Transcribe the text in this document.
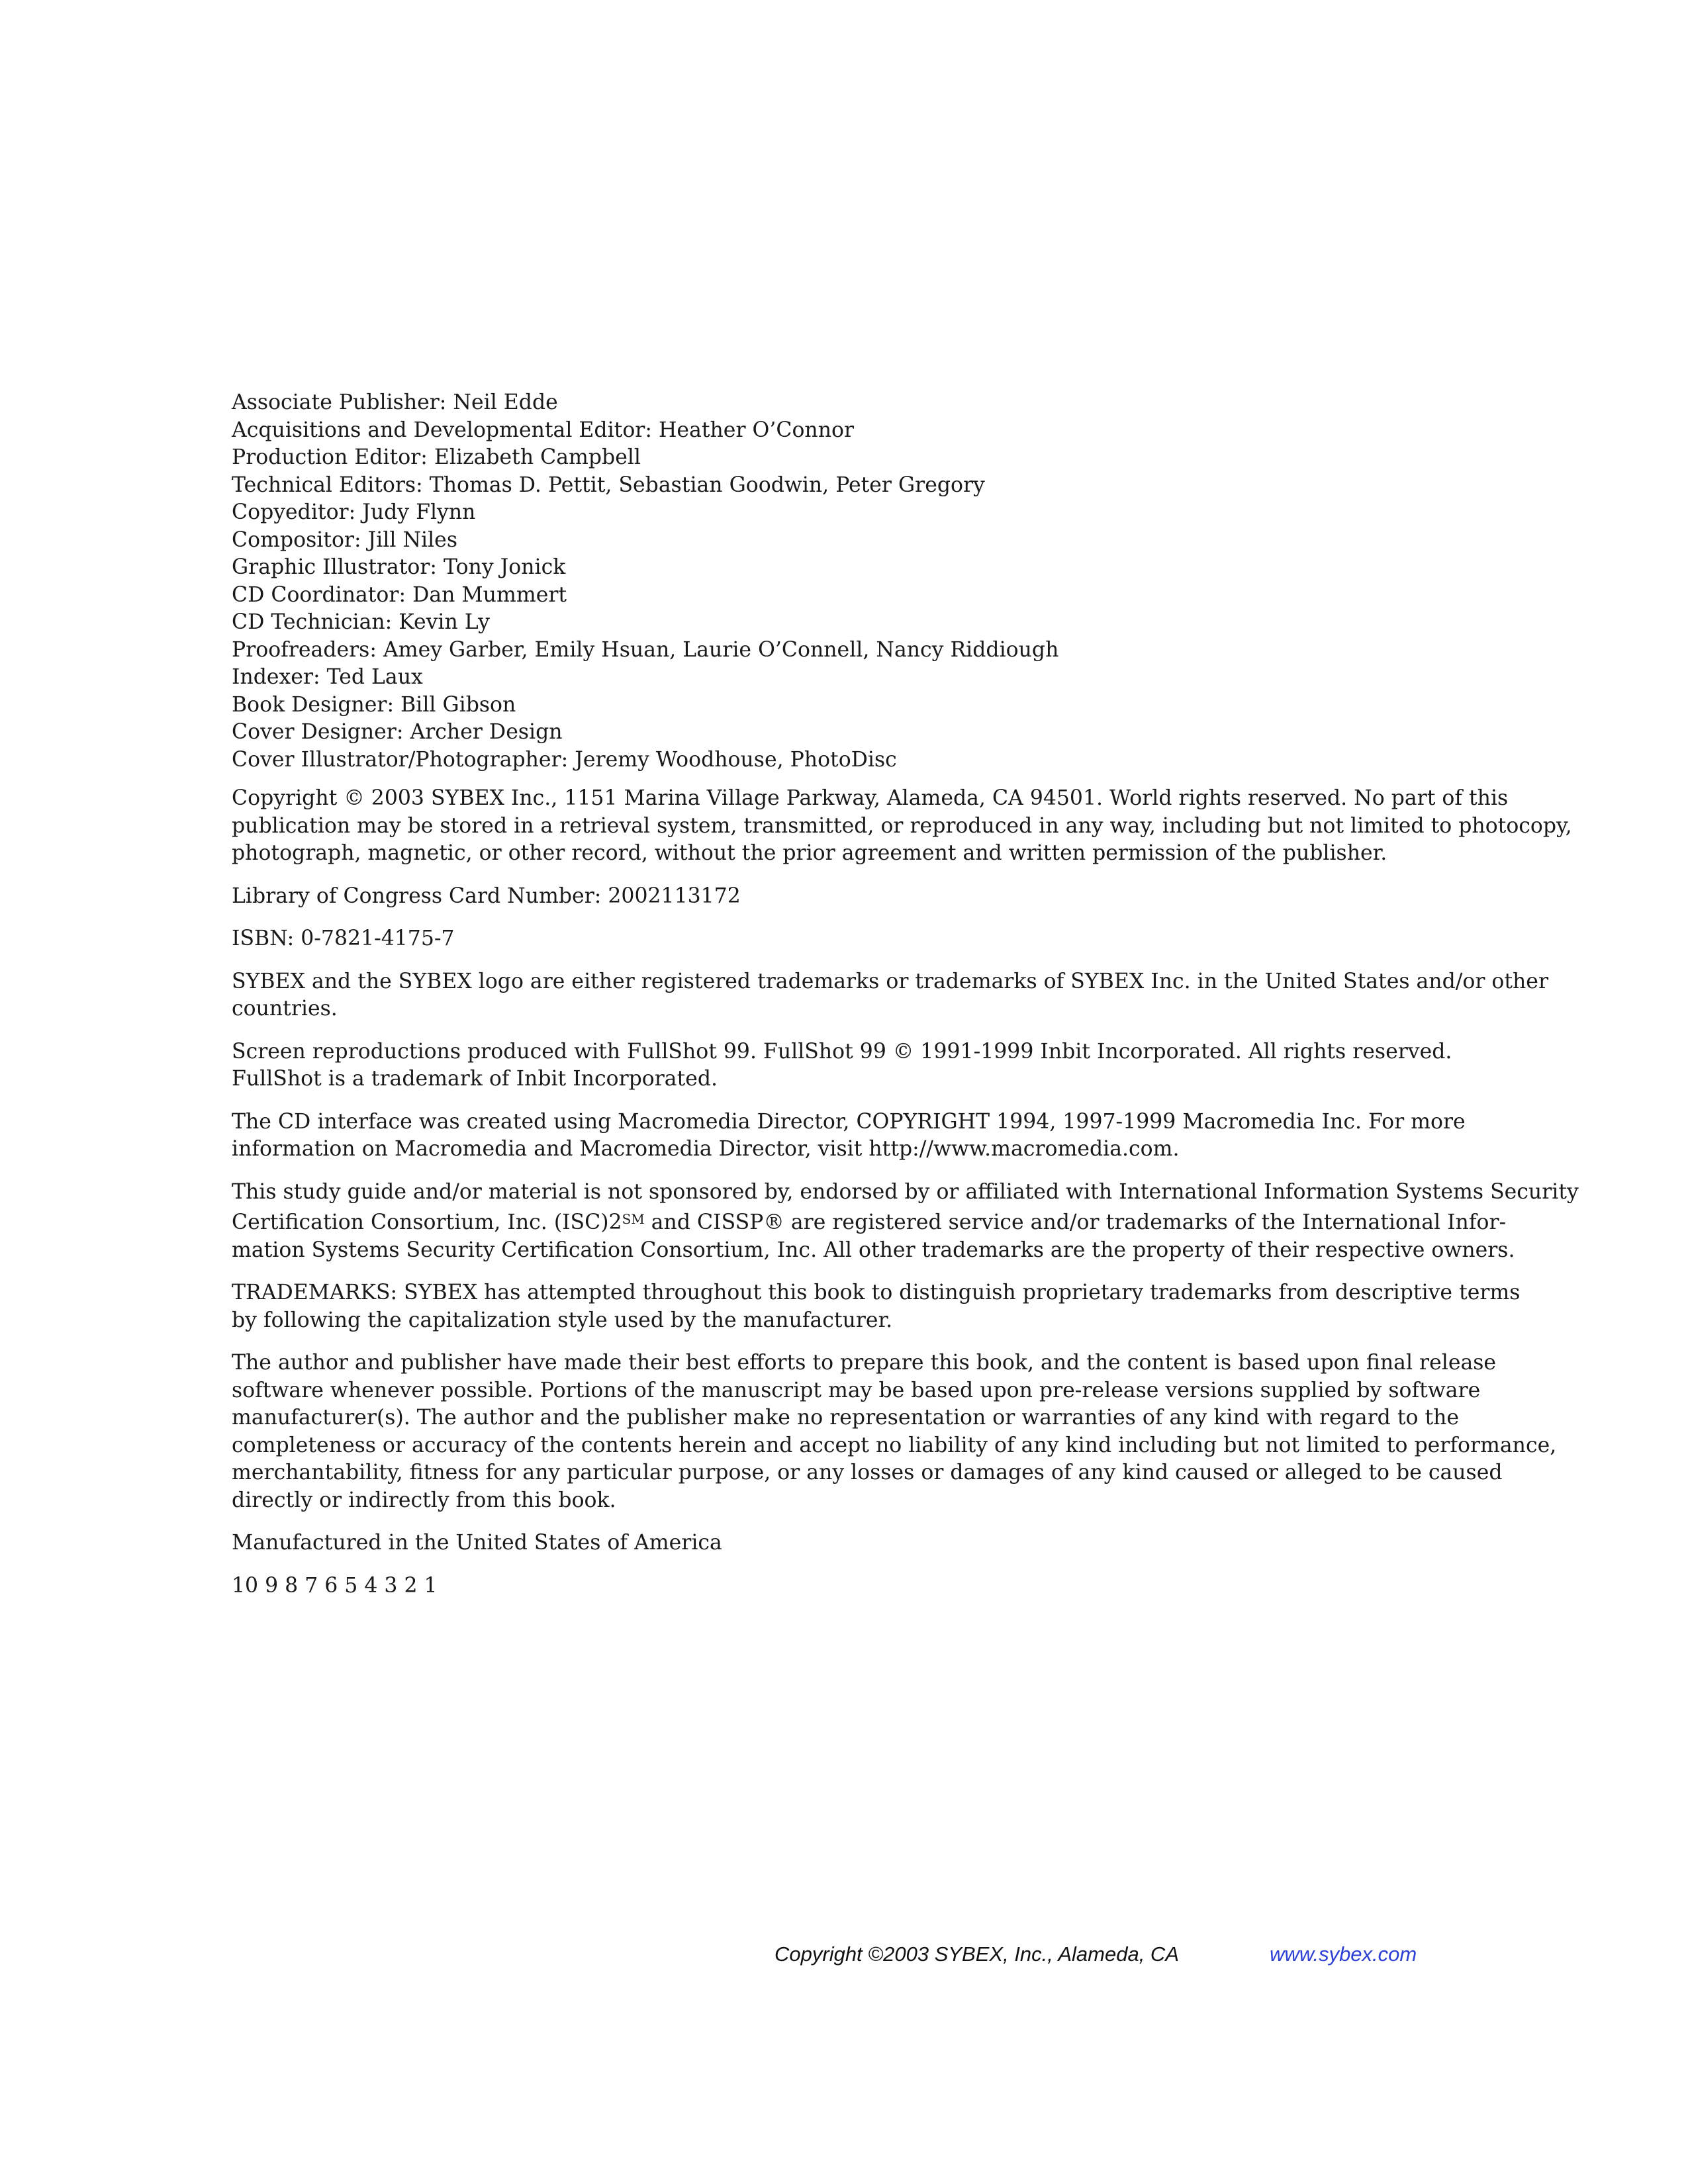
Associate Publisher: Neil Edde
Acquisitions and Developmental Editor: Heather O’Connor
Production Editor: Elizabeth Campbell
Technical Editors: Thomas D. Pettit, Sebastian Goodwin, Peter Gregory
Copyeditor: Judy Flynn
Compositor: Jill Niles
Graphic Illustrator: Tony Jonick
CD Coordinator: Dan Mummert
CD Technician: Kevin Ly
Proofreaders: Amey Garber, Emily Hsuan, Laurie O’Connell, Nancy Riddiough
Indexer: Ted Laux
Book Designer: Bill Gibson
Cover Designer: Archer Design
Cover Illustrator/Photographer: Jeremy Woodhouse, PhotoDisc
Copyright © 2003 SYBEX Inc., 1151 Marina Village Parkway, Alameda, CA 94501. World rights reserved. No part of this
publication may be stored in a retrieval system, transmitted, or reproduced in any way, including but not limited to photocopy,
photograph, magnetic, or other record, without the prior agreement and written permission of the publisher.
Library of Congress Card Number: 2002113172
ISBN: 0-7821-4175-7
SYBEX and the SYBEX logo are either registered trademarks or trademarks of SYBEX Inc. in the United States and/or other
countries.
Screen reproductions produced with FullShot 99. FullShot 99 © 1991-1999 Inbit Incorporated. All rights reserved.
FullShot is a trademark of Inbit Incorporated.
The CD interface was created using Macromedia Director, COPYRIGHT 1994, 1997-1999 Macromedia Inc. For more
information on Macromedia and Macromedia Director, visit http://www.macromedia.com.
This study guide and/or material is not sponsored by, endorsed by or affiliated with International Information Systems Security
Certification Consortium, Inc. (ISC)2℠ and CISSP® are registered service and/or trademarks of the International Infor-
mation Systems Security Certification Consortium, Inc. All other trademarks are the property of their respective owners.
TRADEMARKS: SYBEX has attempted throughout this book to distinguish proprietary trademarks from descriptive terms
by following the capitalization style used by the manufacturer.
The author and publisher have made their best efforts to prepare this book, and the content is based upon final release
software whenever possible. Portions of the manuscript may be based upon pre-release versions supplied by software
manufacturer(s). The author and the publisher make no representation or warranties of any kind with regard to the
completeness or accuracy of the contents herein and accept no liability of any kind including but not limited to performance,
merchantability, fitness for any particular purpose, or any losses or damages of any kind caused or alleged to be caused
directly or indirectly from this book.
Manufactured in the United States of America
10 9 8 7 6 5 4 3 2 1
Copyright ©2003 SYBEX, Inc., Alameda, CA	www.sybex.com
